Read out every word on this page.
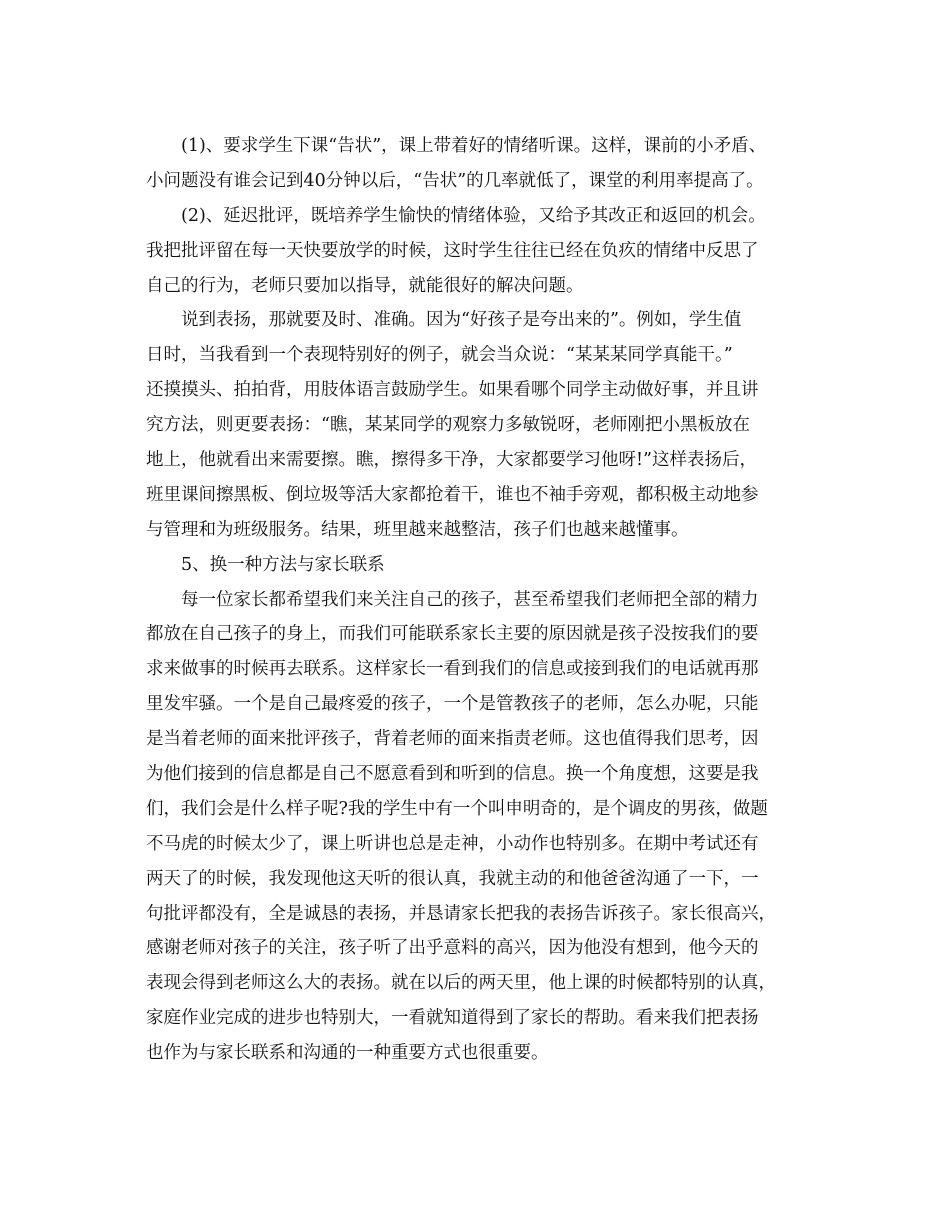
(1)、要求学生下课“告状”，课上带着好的情绪听课。这样，课前的小矛盾、
小问题没有谁会记到40分钟以后，“告状”的几率就低了，课堂的利用率提高了。
(2)、延迟批评，既培养学生愉快的情绪体验，又给予其改正和返回的机会。
我把批评留在每一天快要放学的时候，这时学生往往已经在负疚的情绪中反思了
自己的行为，老师只要加以指导，就能很好的解决问题。
说到表扬，那就要及时、准确。因为“好孩子是夸出来的”。例如，学生值
日时，当我看到一个表现特别好的例子，就会当众说：“某某某同学真能干。”
还摸摸头、拍拍背，用肢体语言鼓励学生。如果看哪个同学主动做好事，并且讲
究方法，则更要表扬：“瞧，某某同学的观察力多敏锐呀，老师刚把小黑板放在
地上，他就看出来需要擦。瞧，擦得多干净，大家都要学习他呀!”这样表扬后，
班里课间擦黑板、倒垃圾等活大家都抢着干，谁也不袖手旁观，都积极主动地参
与管理和为班级服务。结果，班里越来越整洁，孩子们也越来越懂事。
5、换一种方法与家长联系
每一位家长都希望我们来关注自己的孩子，甚至希望我们老师把全部的精力
都放在自己孩子的身上，而我们可能联系家长主要的原因就是孩子没按我们的要
求来做事的时候再去联系。这样家长一看到我们的信息或接到我们的电话就再那
里发牢骚。一个是自己最疼爱的孩子，一个是管教孩子的老师，怎么办呢，只能
是当着老师的面来批评孩子，背着老师的面来指责老师。这也值得我们思考，因
为他们接到的信息都是自己不愿意看到和听到的信息。换一个角度想，这要是我
们，我们会是什么样子呢?我的学生中有一个叫申明奇的，是个调皮的男孩，做题
不马虎的时候太少了，课上听讲也总是走神，小动作也特别多。在期中考试还有
两天了的时候，我发现他这天听的很认真，我就主动的和他爸爸沟通了一下，一
句批评都没有，全是诚恳的表扬，并恳请家长把我的表扬告诉孩子。家长很高兴，
感谢老师对孩子的关注，孩子听了出乎意料的高兴，因为他没有想到，他今天的
表现会得到老师这么大的表扬。就在以后的两天里，他上课的时候都特别的认真，
家庭作业完成的进步也特别大，一看就知道得到了家长的帮助。看来我们把表扬
也作为与家长联系和沟通的一种重要方式也很重要。
